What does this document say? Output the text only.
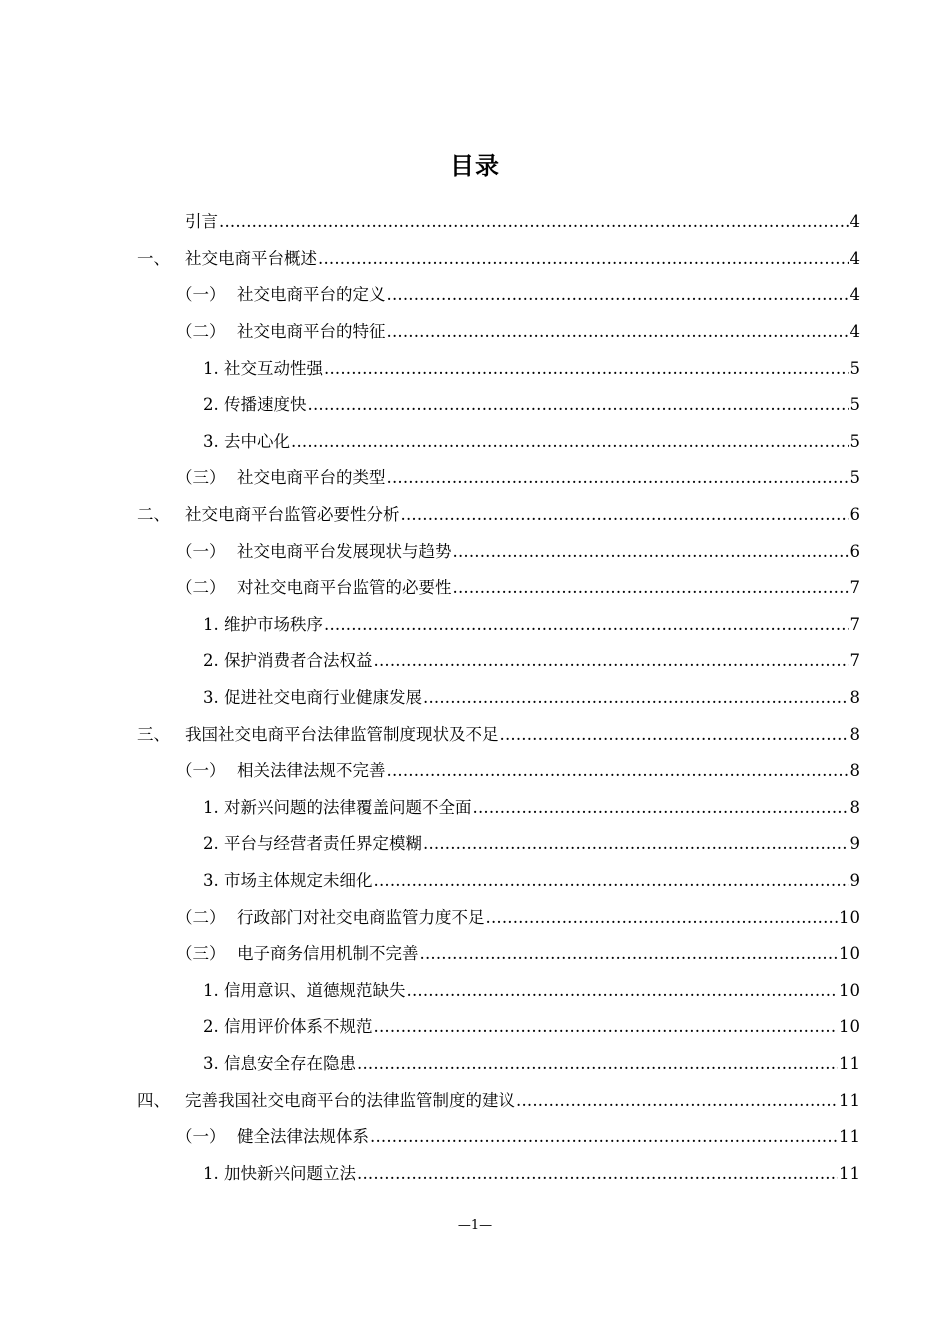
目录
引言 .....	4
一、 社交电商平台概述 .....	4
（一） 社交电商平台的定义 .....	4
（二） 社交电商平台的特征 .....	4
1. 社交互动性强 .....	5
2. 传播速度快 .....	5
3. 去中心化 .....	5
（三） 社交电商平台的类型 .....	5
二、 社交电商平台监管必要性分析 .....	6
（一） 社交电商平台发展现状与趋势 .....	6
（二） 对社交电商平台监管的必要性 .....	7
1. 维护市场秩序 .....	7
2. 保护消费者合法权益 .....	7
3. 促进社交电商行业健康发展 .....	8
三、 我国社交电商平台法律监管制度现状及不足 .....	8
（一） 相关法律法规不完善 .....	8
1. 对新兴问题的法律覆盖问题不全面 .....	8
2. 平台与经营者责任界定模糊 .....	9
3. 市场主体规定未细化 .....	9
（二） 行政部门对社交电商监管力度不足 .....	10
（三） 电子商务信用机制不完善 .....	10
1. 信用意识、道德规范缺失 .....	10
2. 信用评价体系不规范 .....	10
3. 信息安全存在隐患 .....	11
四、 完善我国社交电商平台的法律监管制度的建议 .....	11
（一） 健全法律法规体系 .....	11
1. 加快新兴问题立法 .....	11
—1—
